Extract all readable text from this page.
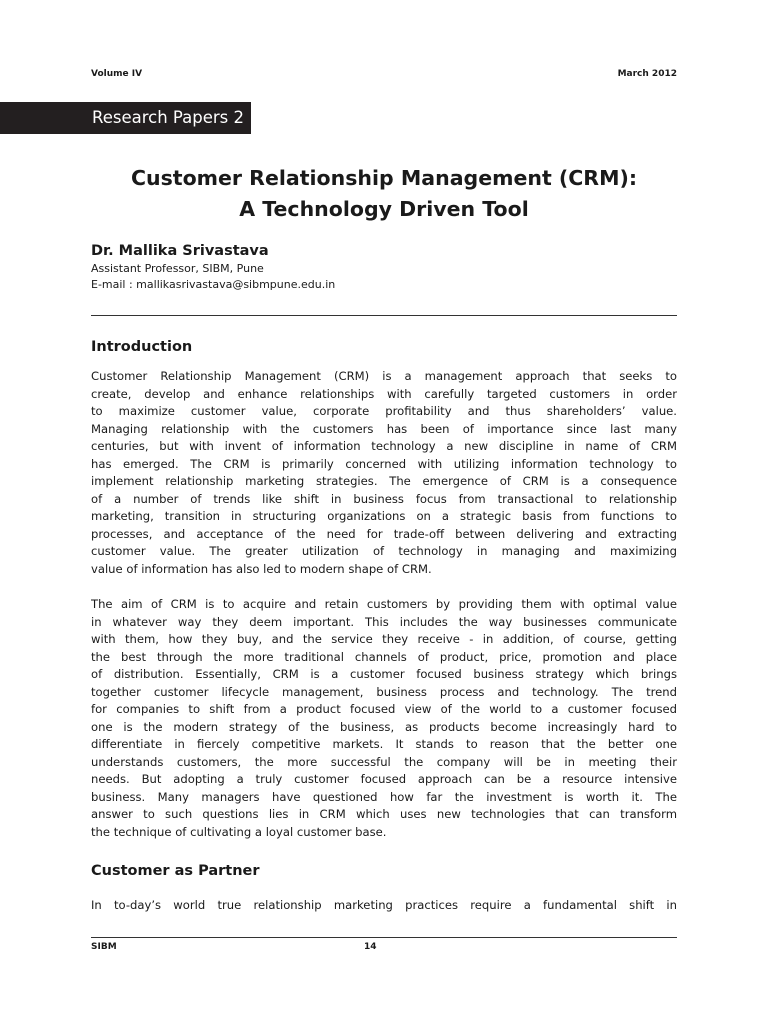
Volume IV	March 2012
Research Papers 2
Customer Relationship Management (CRM):
A Technology Driven Tool
Dr. Mallika Srivastava
Assistant Professor, SIBM, Pune
E-mail : mallikasrivastava@sibmpune.edu.in
Introduction
Customer Relationship Management (CRM) is a management approach that seeks to
create, develop and enhance relationships with carefully targeted customers in order
to maximize customer value, corporate profitability and thus shareholders’ value.
Managing relationship with the customers has been of importance since last many
centuries, but with invent of information technology a new discipline in name of CRM
has emerged. The CRM is primarily concerned with utilizing information technology to
implement relationship marketing strategies. The emergence of CRM is a consequence
of a number of trends like shift in business focus from transactional to relationship
marketing, transition in structuring organizations on a strategic basis from functions to
processes, and acceptance of the need for trade-off between delivering and extracting
customer value. The greater utilization of technology in managing and maximizing
value of information has also led to modern shape of CRM.
The aim of CRM is to acquire and retain customers by providing them with optimal value
in whatever way they deem important. This includes the way businesses communicate
with them, how they buy, and the service they receive - in addition, of course, getting
the best through the more traditional channels of product, price, promotion and place
of distribution. Essentially, CRM is a customer focused business strategy which brings
together customer lifecycle management, business process and technology. The trend
for companies to shift from a product focused view of the world to a customer focused
one is the modern strategy of the business, as products become increasingly hard to
differentiate in fiercely competitive markets. It stands to reason that the better one
understands customers, the more successful the company will be in meeting their
needs. But adopting a truly customer focused approach can be a resource intensive
business. Many managers have questioned how far the investment is worth it. The
answer to such questions lies in CRM which uses new technologies that can transform
the technique of cultivating a loyal customer base.
Customer as Partner
In to-day’s world true relationship marketing practices require a fundamental shift in
SIBM	14
